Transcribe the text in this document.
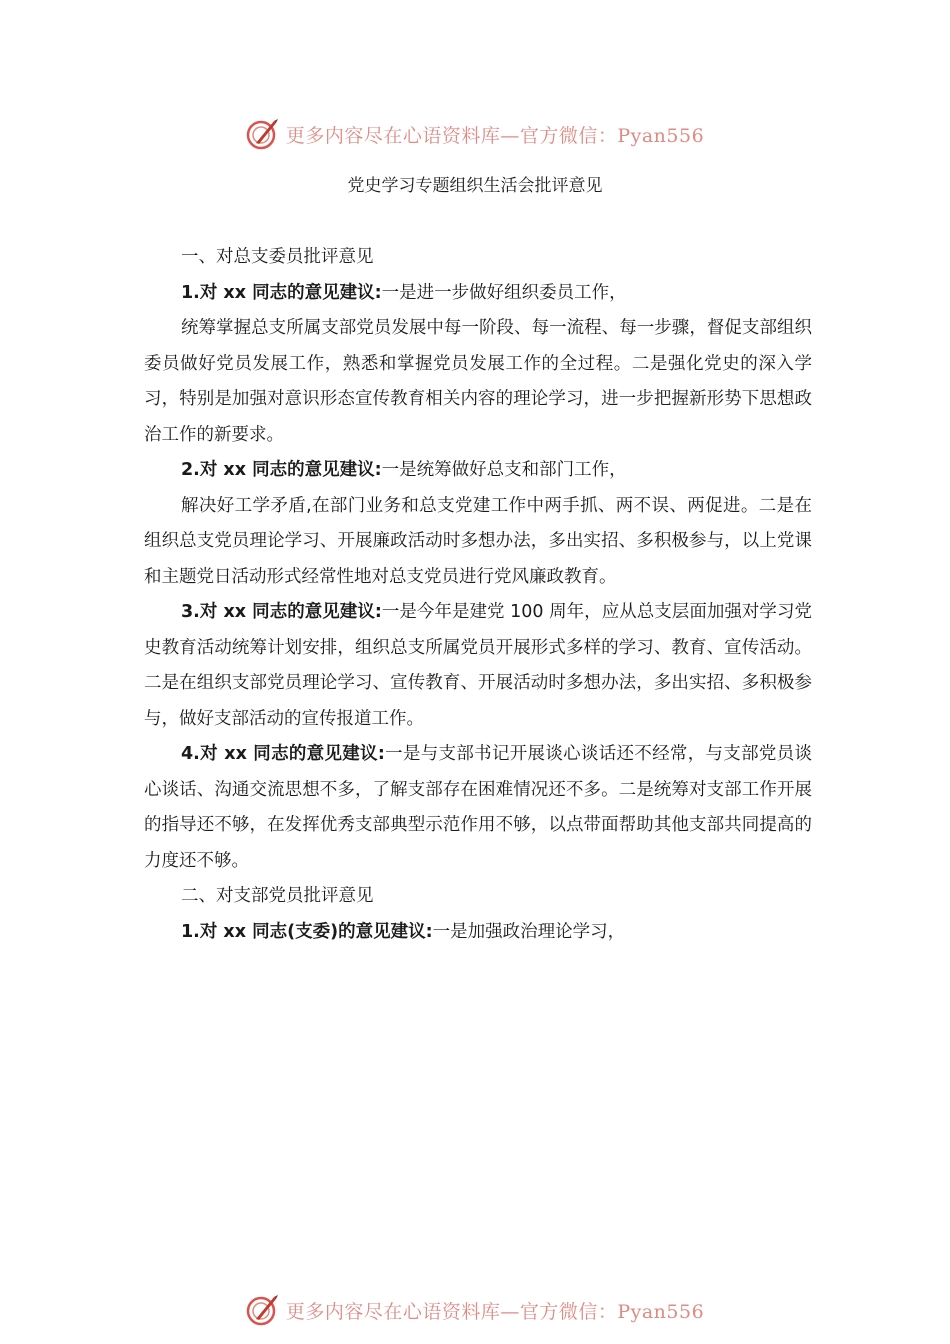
更多内容尽在心语资料库—官方微信：Pyan556
党史学习专题组织生活会批评意见

一、对总支委员批评意见

1.对 xx 同志的意见建议:一是进一步做好组织委员工作，

统筹掌握总支所属支部党员发展中每一阶段、每一流程、每一步骤，督促支部组织委员做好党员发展工作，熟悉和掌握党员发展工作的全过程。二是强化党史的深入学习，特别是加强对意识形态宣传教育相关内容的理论学习，进一步把握新形势下思想政治工作的新要求。

2.对 xx 同志的意见建议:一是统筹做好总支和部门工作，

解决好工学矛盾,在部门业务和总支党建工作中两手抓、两不误、两促进。二是在组织总支党员理论学习、开展廉政活动时多想办法，多出实招、多积极参与，以上党课和主题党日活动形式经常性地对总支党员进行党风廉政教育。

3.对 xx 同志的意见建议:一是今年是建党 100 周年，应从总支层面加强对学习党史教育活动统筹计划安排，组织总支所属党员开展形式多样的学习、教育、宣传活动。二是在组织支部党员理论学习、宣传教育、开展活动时多想办法，多出实招、多积极参与，做好支部活动的宣传报道工作。

4.对 xx 同志的意见建议:一是与支部书记开展谈心谈话还不经常，与支部党员谈心谈话、沟通交流思想不多，了解支部存在困难情况还不多。二是统筹对支部工作开展的指导还不够，在发挥优秀支部典型示范作用不够，以点带面帮助其他支部共同提高的力度还不够。

二、对支部党员批评意见

1.对 xx 同志(支委)的意见建议:一是加强政治理论学习，

更多内容尽在心语资料库—官方微信：Pyan556
